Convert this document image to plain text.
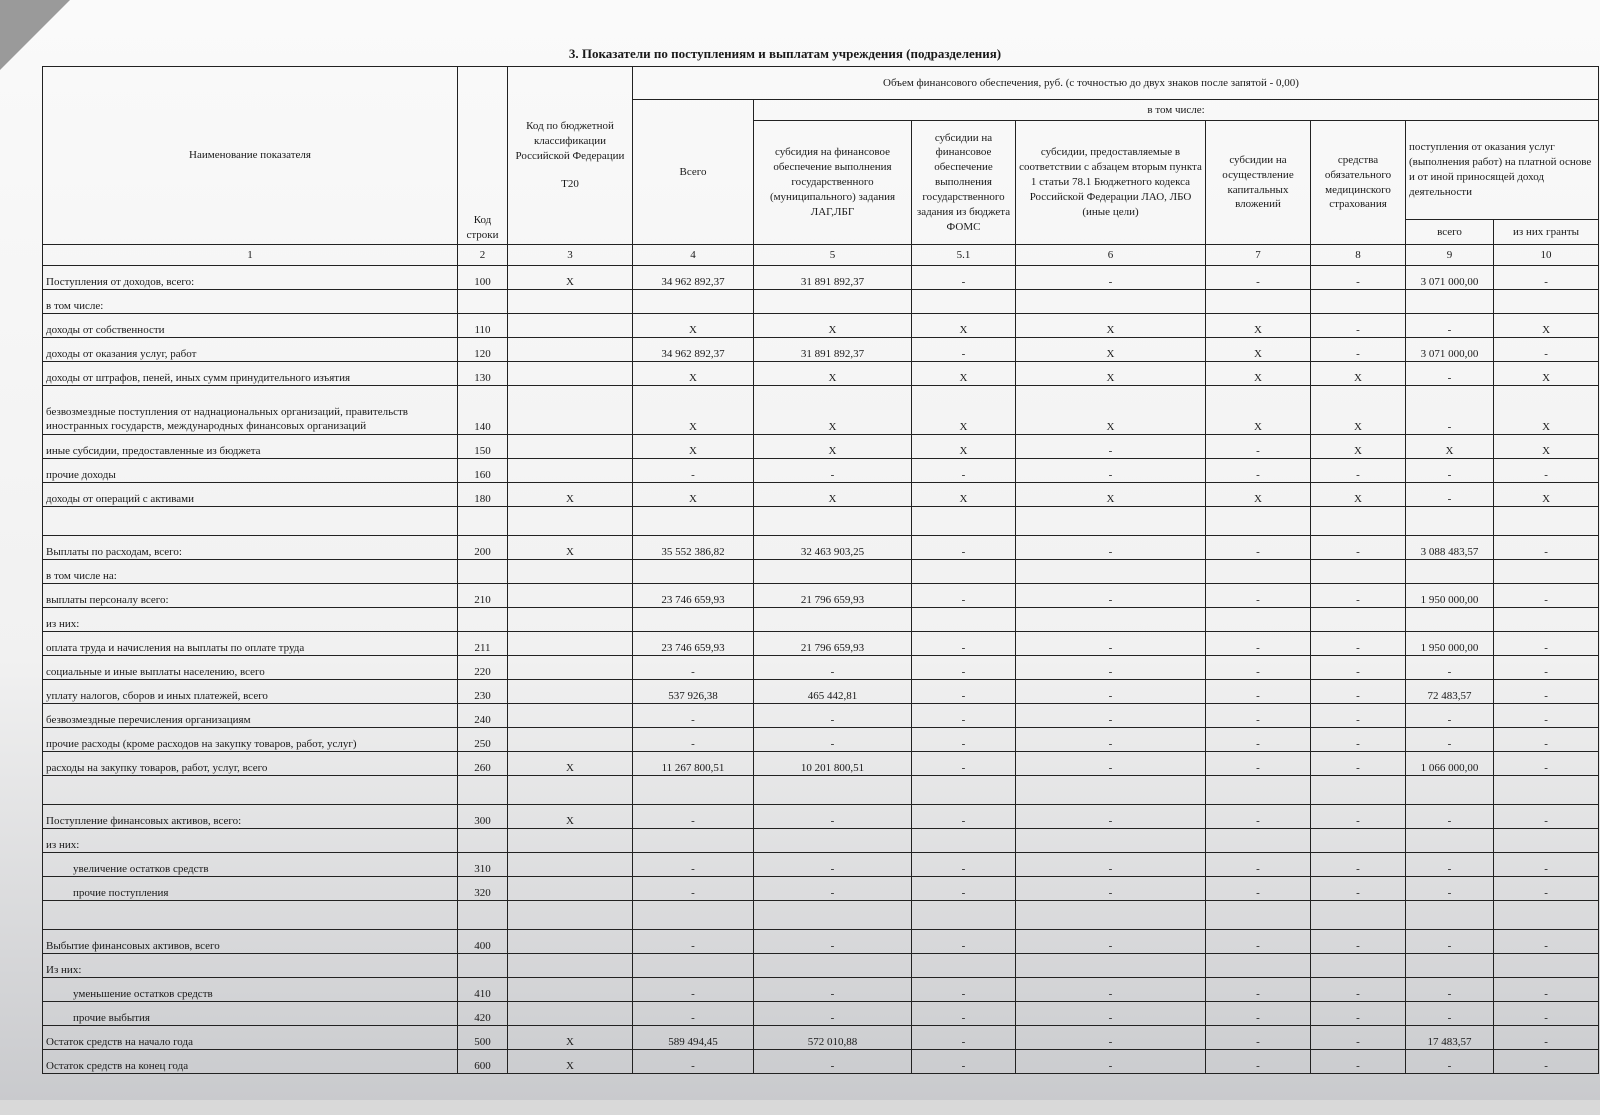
3. Показатели по поступлениям и выплатам учреждения (подразделения)
Наименование показателя	Код строки	Код по бюджетной классификации Российской Федерации
Т20	Объем финансового обеспечения, руб. (с точностью до двух знаков после запятой - 0,00)							
			Всего	в том числе:						
				субсидия на финансовое обеспечение выполнения государственного (муниципального) задания ЛАГ,ЛБГ	субсидии на финансовое обеспечение выполнения государственного задания из бюджета ФОМС	субсидии, предоставляемые в соответствии с абзацем вторым пункта 1 статьи 78.1 Бюджетного кодекса Российской Федерации ЛАО, ЛБО (иные цели)	субсидии на осуществление капитальных вложений	средства обязательного медицинского страхования	поступления от оказания услуг (выполнения работ) на платной основе и от иной приносящей доход деятельности	
									всего	из них гранты
1	2	3	4	5	5.1	6	7	8	9	10
Поступления от доходов, всего:	100	X	34 962 892,37	31 891 892,37	-	-	-	-	3 071 000,00	-
в том числе:										
доходы от собственности	110		X	X	X	X	X	-	-	X
доходы от оказания услуг, работ	120		34 962 892,37	31 891 892,37	-	X	X	-	3 071 000,00	-
доходы от штрафов, пеней, иных сумм принудительного изъятия	130		X	X	X	X	X	X	-	X
безвозмездные поступления от наднациональных организаций, правительств иностранных государств, международных финансовых организаций	140		X	X	X	X	X	X	-	X
иные субсидии, предоставленные из бюджета	150		X	X	X	-	-	X	X	X
прочие доходы	160		-	-	-	-	-	-	-	-
доходы от операций с активами	180	X	X	X	X	X	X	X	-	X

Выплаты по расходам, всего:	200	X	35 552 386,82	32 463 903,25	-	-	-	-	3 088 483,57	-
в том числе на:										
выплаты персоналу всего:	210		23 746 659,93	21 796 659,93	-	-	-	-	1 950 000,00	-
из них:										
оплата труда и начисления на выплаты по оплате труда	211		23 746 659,93	21 796 659,93	-	-	-	-	1 950 000,00	-
социальные и иные выплаты населению, всего	220		-	-	-	-	-	-	-	-
уплату налогов, сборов и иных платежей, всего	230		537 926,38	465 442,81	-	-	-	-	72 483,57	-
безвозмездные перечисления организациям	240		-	-	-	-	-	-	-	-
прочие расходы (кроме расходов на закупку товаров, работ, услуг)	250		-	-	-	-	-	-	-	-
расходы на закупку товаров, работ, услуг, всего	260	X	11 267 800,51	10 201 800,51	-	-	-	-	1 066 000,00	-

Поступление финансовых активов, всего:	300	X	-	-	-	-	-	-	-	-
из них:										
увеличение остатков средств	310		-	-	-	-	-	-	-	-
прочие поступления	320		-	-	-	-	-	-	-	-

Выбытие финансовых активов, всего	400		-	-	-	-	-	-	-	-
Из них:										
уменьшение остатков средств	410		-	-	-	-	-	-	-	-
прочие выбытия	420		-	-	-	-	-	-	-	-
Остаток средств на начало года	500	X	589 494,45	572 010,88	-	-	-	-	17 483,57	-
Остаток средств на конец года	600	X	-	-	-	-	-	-	-	-
